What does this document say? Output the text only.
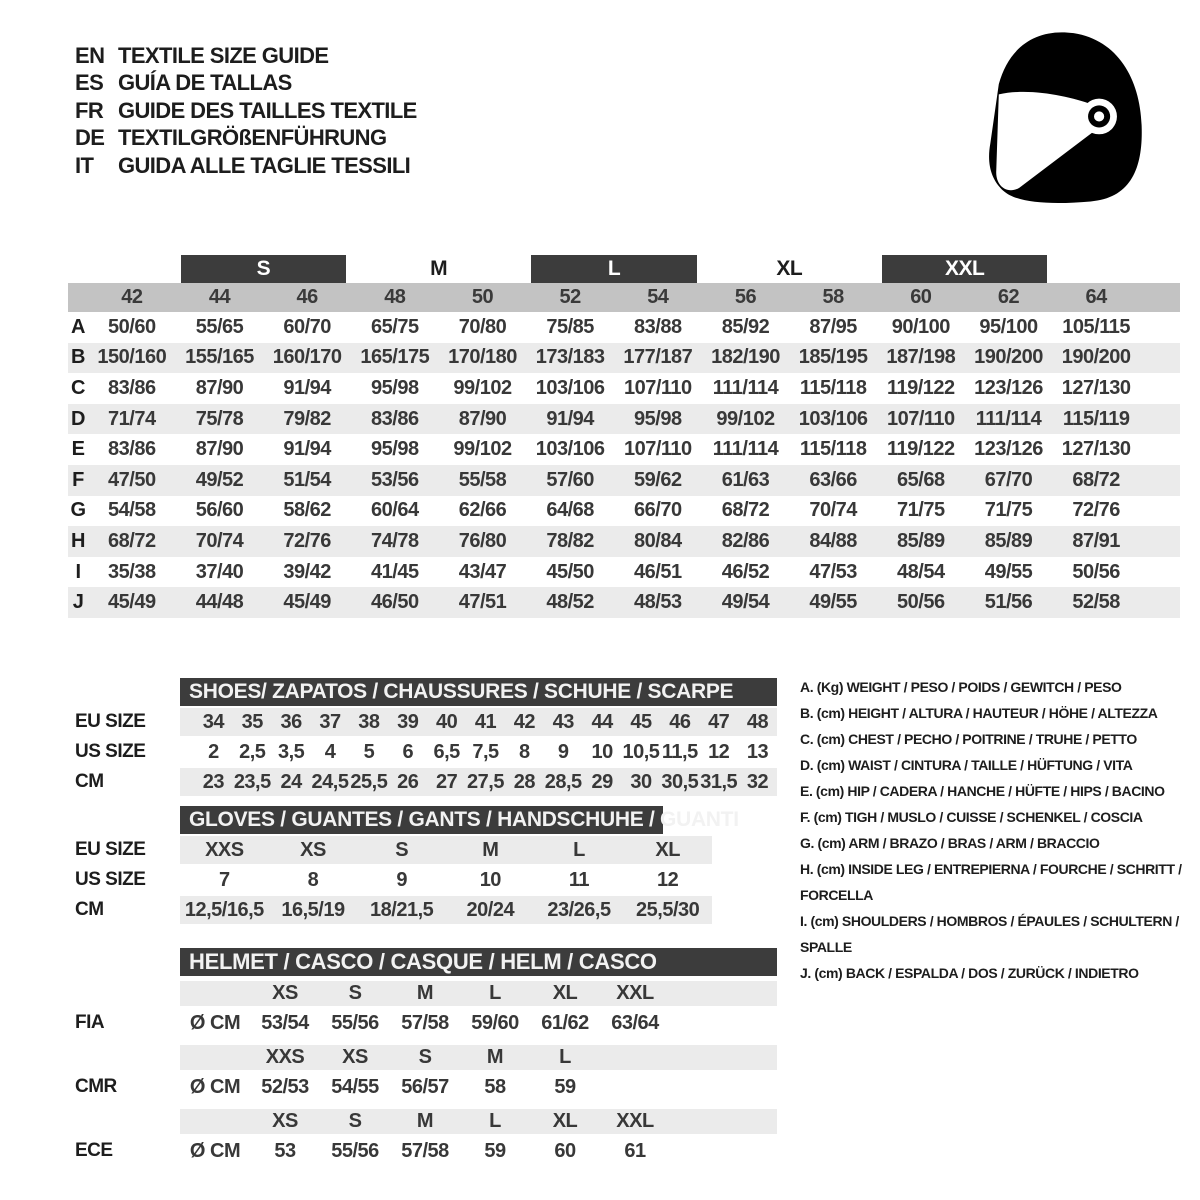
EN TEXTILE SIZE GUIDE
ES GUÍA DE TALLAS
FR GUIDE DES TAILLES TEXTILE
DE TEXTILGRÖßENFÜHRUNG
IT	GUIDA ALLE TAGLIE TESSILI
S	M	L	XL	XXL
42	44	46	48	50	52	54	56	58	60	62	64
A	50/60	55/65	60/70	65/75	70/80	75/85	83/88	85/92	87/95	90/100	95/100	105/115
B 150/160 155/165 160/170 165/175 170/180 173/183 177/187 182/190 185/195 187/198 190/200 190/200
C	83/86	87/90	91/94	95/98	99/102	103/106 107/110	111/114	115/118	119/122 123/126 127/130
D	71/74	75/78	79/82	83/86	87/90	91/94	95/98	99/102	103/106 107/110	111/114	115/119
E	83/86	87/90	91/94	95/98	99/102	103/106 107/110	111/114	115/118	119/122 123/126 127/130
F	47/50	49/52	51/54	53/56	55/58	57/60	59/62	61/63	63/66	65/68	67/70	68/72
G	54/58	56/60	58/62	60/64	62/66	64/68	66/70	68/72	70/74	71/75	71/75	72/76
H	68/72	70/74	72/76	74/78	76/80	78/82	80/84	82/86	84/88	85/89	85/89	87/91
I	35/38	37/40	39/42	41/45	43/47	45/50	46/51	46/52	47/53	48/54	49/55	50/56
J	45/49	44/48	45/49	46/50	47/51	48/52	48/53	49/54	49/55	50/56	51/56	52/58
SHOES/ ZAPATOS / CHAUSSURES / SCHUHE / SCARPE
EU SIZE	34 35 36 37 38 39 40 41 42 43 44 45 46 47 48
US SIZE	2	2,5 3,5	4	5	6	6,5 7,5	8	9	10 10,5 11,5 12 13
CM	23 23,5 24 24,5 25,5 26 27 27,5 28 28,5 29 30 30,5 31,5 32
GLOVES / GUANTES / GANTS / HANDSCHUHE / GUANTI
EU SIZE	XXS	XS	S	M	L	XL
US SIZE	7	8	9	10	11	12
CM	12,5/16,5 16,5/19	18/21,5	20/24	23/26,5	25,5/30
HELMET / CASCO / CASQUE / HELM / CASCO
XS	S	M	L	XL	XXL
FIA	Ø CM	53/54	55/56	57/58	59/60	61/62	63/64
XXS	XS	S	M	L
CMR	Ø CM	52/53	54/55	56/57	58	59
XS	S	M	L	XL	XXL
ECE	Ø CM	53	55/56	57/58	59	60	61
A. (Kg) WEIGHT / PESO / POIDS / GEWITCH / PESO
B. (cm) HEIGHT / ALTURA / HAUTEUR / HÖHE / ALTEZZA
C. (cm) CHEST / PECHO / POITRINE / TRUHE / PETTO
D. (cm) WAIST / CINTURA / TAILLE / HÜFTUNG / VITA
E. (cm) HIP / CADERA / HANCHE / HÜFTE / HIPS / BACINO
F. (cm) TIGH / MUSLO / CUISSE / SCHENKEL / COSCIA
G. (cm) ARM / BRAZO / BRAS / ARM / BRACCIO
H. (cm) INSIDE LEG / ENTREPIERNA / FOURCHE / SCHRITT / FORCELLA
I. (cm) SHOULDERS / HOMBROS / ÉPAULES / SCHULTERN / SPALLE
J. (cm) BACK / ESPALDA / DOS / ZURÜCK / INDIETRO
